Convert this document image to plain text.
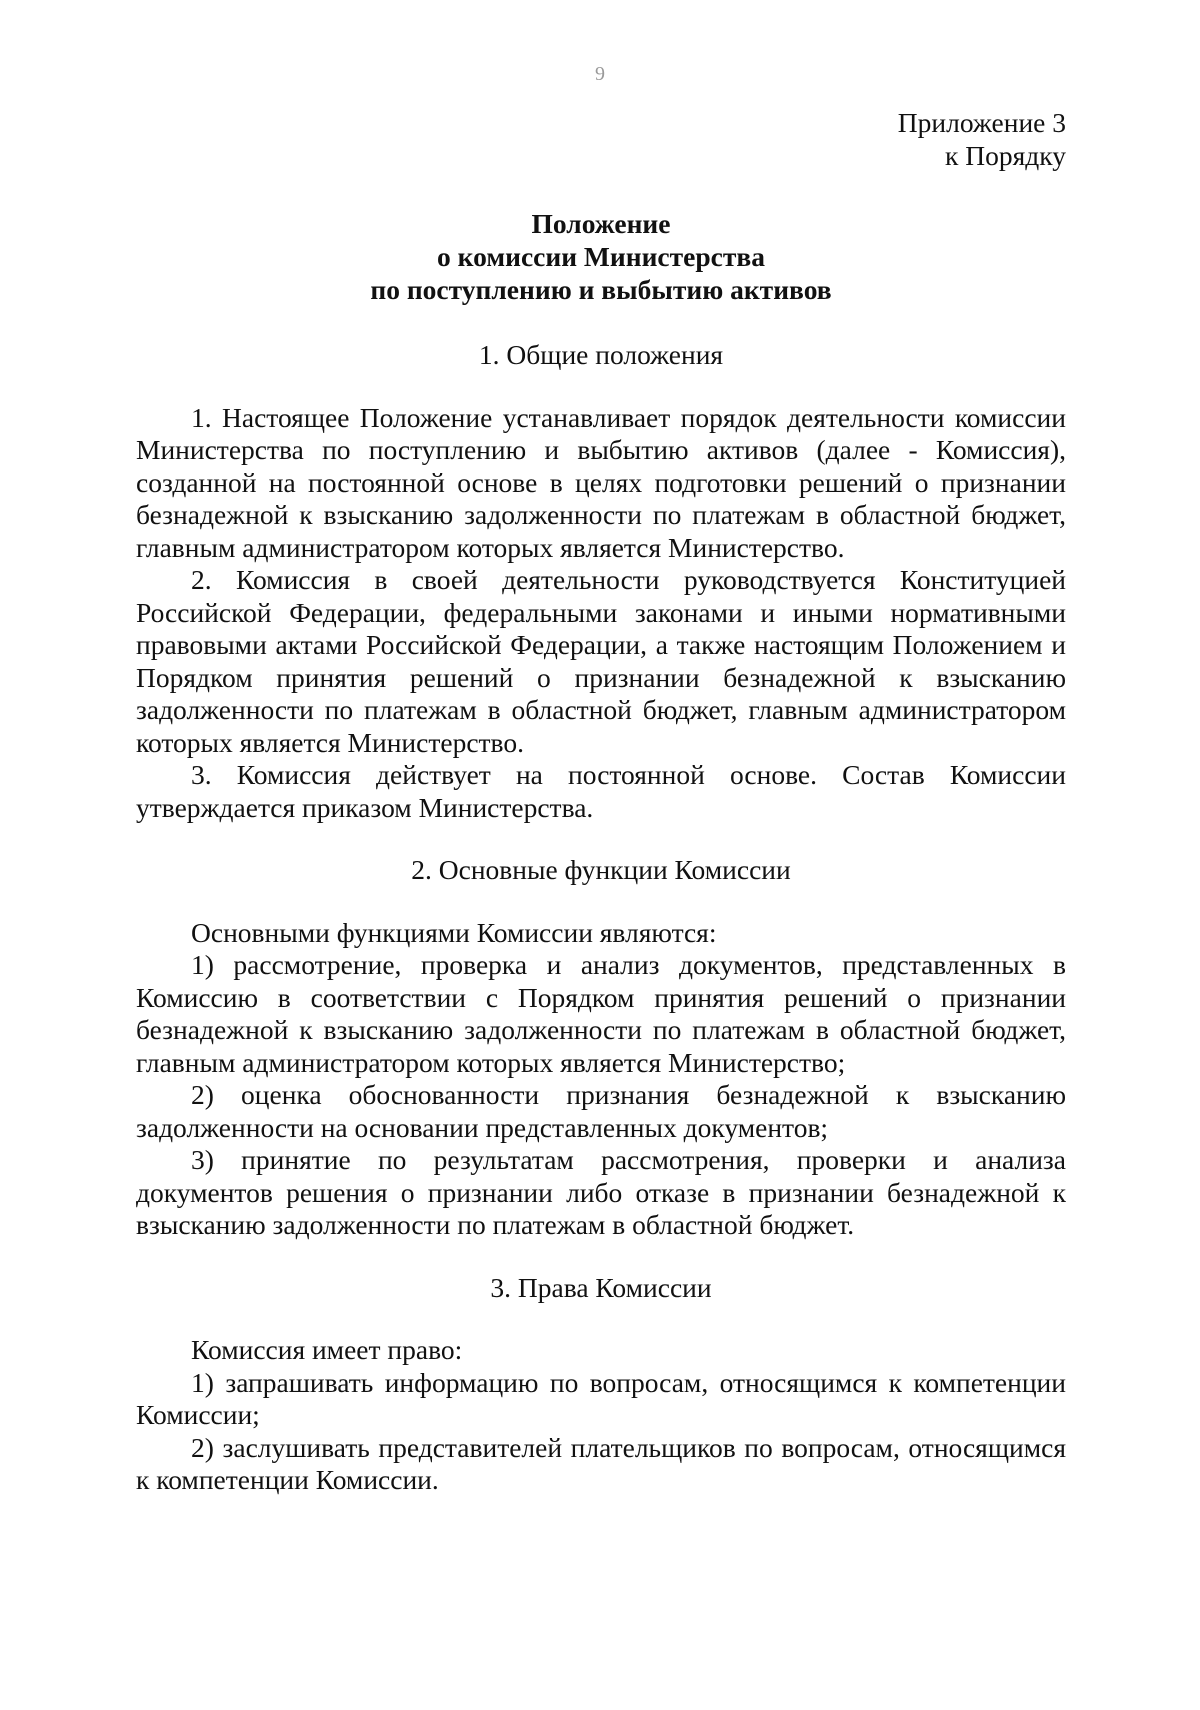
9
Приложение 3
к Порядку
Положение
о комиссии Министерства
по поступлению и выбытию активов

1. Общие положения

1. Настоящее Положение устанавливает порядок деятельности комиссии Министерства по поступлению и выбытию активов (далее - Комиссия), созданной на постоянной основе в целях подготовки решений о признании безнадежной к взысканию задолженности по платежам в областной бюджет, главным администратором которых является Министерство.

2. Комиссия в своей деятельности руководствуется Конституцией Российской Федерации, федеральными законами и иными нормативными правовыми актами Российской Федерации, а также настоящим Положением и Порядком принятия решений о признании безнадежной к взысканию задолженности по платежам в областной бюджет, главным администратором которых является Министерство.

3. Комиссия действует на постоянной основе. Состав Комиссии утверждается приказом Министерства.

2. Основные функции Комиссии

Основными функциями Комиссии являются:

1) рассмотрение, проверка и анализ документов, представленных в Комиссию в соответствии с Порядком принятия решений о признании безнадежной к взысканию задолженности по платежам в областной бюджет, главным администратором которых является Министерство;

2) оценка обоснованности признания безнадежной к взысканию задолженности на основании представленных документов;

3) принятие по результатам рассмотрения, проверки и анализа документов решения о признании либо отказе в признании безнадежной к взысканию задолженности по платежам в областной бюджет.

3. Права Комиссии

Комиссия имеет право:

1) запрашивать информацию по вопросам, относящимся к компетенции Комиссии;

2) заслушивать представителей плательщиков по вопросам, относящимся к компетенции Комиссии.
